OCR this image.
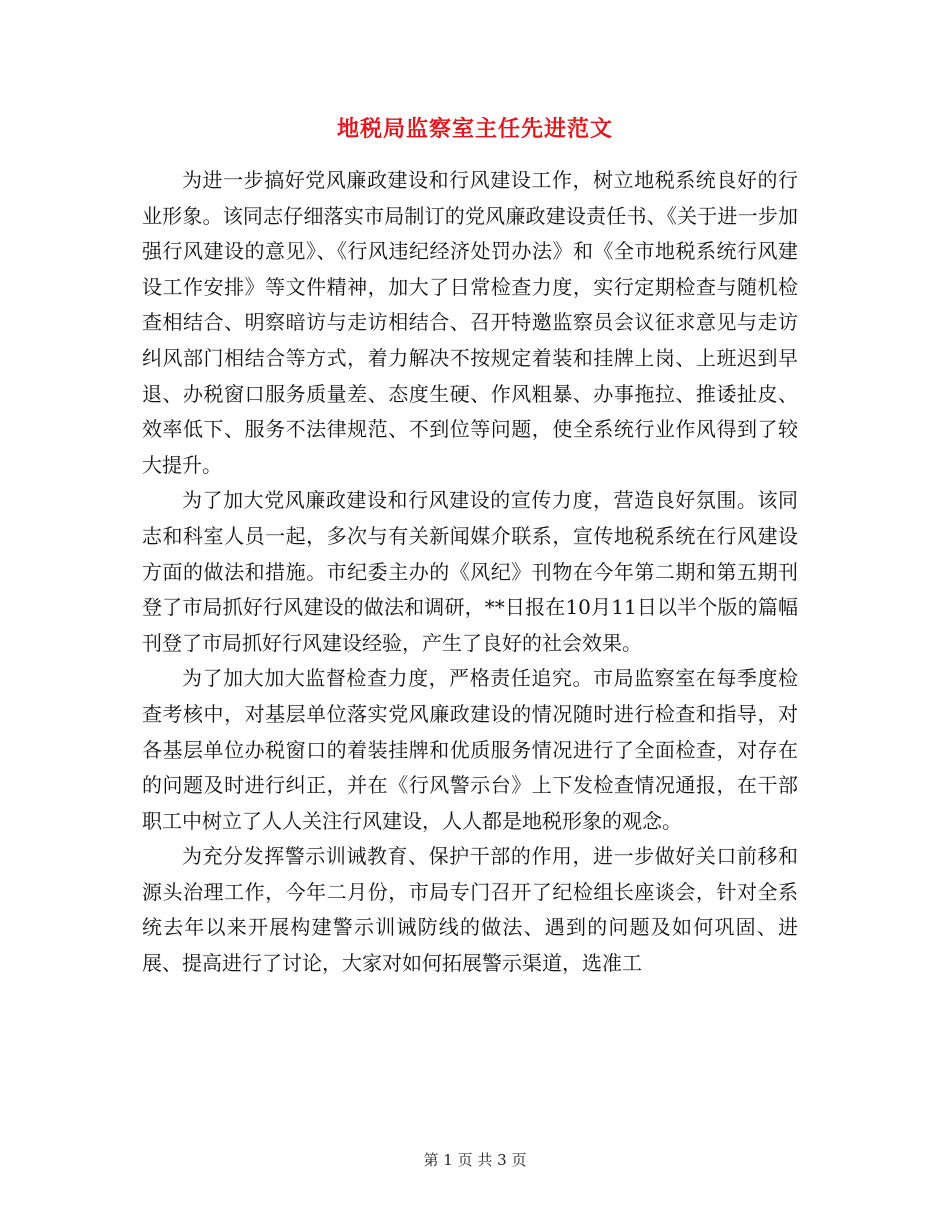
地税局监察室主任先进范文

为进一步搞好党风廉政建设和行风建设工作，树立地税系统良好的行业形象。该同志仔细落实市局制订的党风廉政建设责任书、《关于进一步加强行风建设的意见》、《行风违纪经济处罚办法》和《全市地税系统行风建设工作安排》等文件精神，加大了日常检查力度，实行定期检查与随机检查相结合、明察暗访与走访相结合、召开特邀监察员会议征求意见与走访纠风部门相结合等方式，着力解决不按规定着装和挂牌上岗、上班迟到早退、办税窗口服务质量差、态度生硬、作风粗暴、办事拖拉、推诿扯皮、效率低下、服务不法律规范、不到位等问题，使全系统行业作风得到了较大提升。

为了加大党风廉政建设和行风建设的宣传力度，营造良好氛围。该同志和科室人员一起，多次与有关新闻媒介联系，宣传地税系统在行风建设方面的做法和措施。市纪委主办的《风纪》刊物在今年第二期和第五期刊登了市局抓好行风建设的做法和调研，**日报在10月11日以半个版的篇幅刊登了市局抓好行风建设经验，产生了良好的社会效果。

为了加大加大监督检查力度，严格责任追究。市局监察室在每季度检查考核中，对基层单位落实党风廉政建设的情况随时进行检查和指导，对各基层单位办税窗口的着装挂牌和优质服务情况进行了全面检查，对存在的问题及时进行纠正，并在《行风警示台》上下发检查情况通报，在干部职工中树立了人人关注行风建设，人人都是地税形象的观念。

为充分发挥警示训诫教育、保护干部的作用，进一步做好关口前移和源头治理工作，今年二月份，市局专门召开了纪检组长座谈会，针对全系统去年以来开展构建警示训诫防线的做法、遇到的问题及如何巩固、进展、提高进行了讨论，大家对如何拓展警示渠道，选准工

第 1 页 共 3 页
